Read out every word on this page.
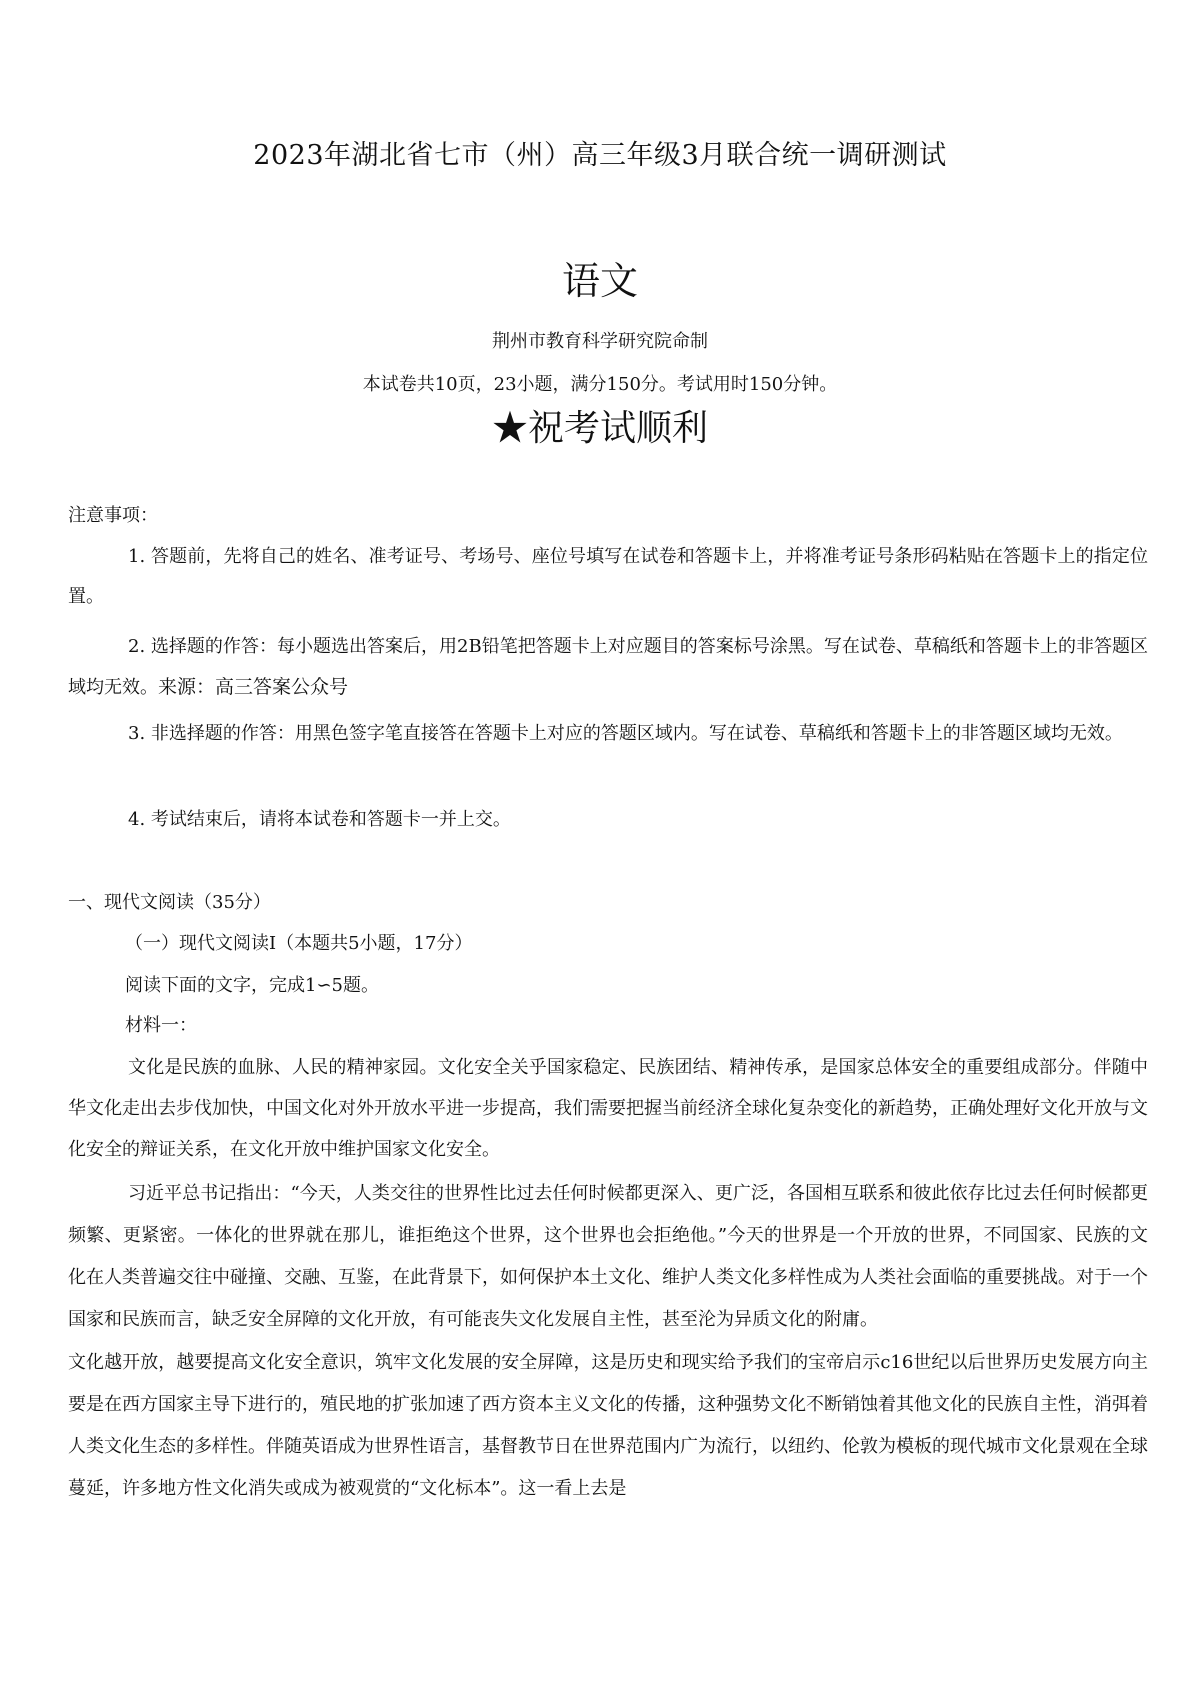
2023年湖北省七市（州）高三年级3月联合统一调研测试
语文
荆州市教育科学研究院命制
本试卷共10页，23小题，满分150分。考试用时150分钟。
★祝考试顺利
注意事项：
1. 答题前，先将自己的姓名、准考证号、考场号、座位号填写在试卷和答题卡上，并将准考证号条形码粘贴在答题卡上的指定位置。
2. 选择题的作答：每小题选出答案后，用2B铅笔把答题卡上对应题目的答案标号涂黑。写在试卷、草稿纸和答题卡上的非答题区域均无效。来源：高三答案公众号
3. 非选择题的作答：用黑色签字笔直接答在答题卡上对应的答题区域内。写在试卷、草稿纸和答题卡上的非答题区域均无效。
4. 考试结束后，请将本试卷和答题卡一并上交。
一、现代文阅读（35分）
（一）现代文阅读Ⅰ（本题共5小题，17分）
阅读下面的文字，完成1∽5题。
材料一：
文化是民族的血脉、人民的精神家园。文化安全关乎国家稳定、民族团结、精神传承，是国家总体安全的重要组成部分。伴随中华文化走出去步伐加快，中国文化对外开放水平进一步提高，我们需要把握当前经济全球化复杂变化的新趋势，正确处理好文化开放与文化安全的辩证关系，在文化开放中维护国家文化安全。
习近平总书记指出：“今天，人类交往的世界性比过去任何时候都更深入、更广泛，各国相互联系和彼此依存比过去任何时候都更频繁、更紧密。一体化的世界就在那儿，谁拒绝这个世界，这个世界也会拒绝他。”今天的世界是一个开放的世界，不同国家、民族的文化在人类普遍交往中碰撞、交融、互鉴，在此背景下，如何保护本土文化、维护人类文化多样性成为人类社会面临的重要挑战。对于一个国家和民族而言，缺乏安全屏障的文化开放，有可能丧失文化发展自主性，甚至沦为异质文化的附庸。
文化越开放，越要提高文化安全意识，筑牢文化发展的安全屏障，这是历史和现实给予我们的宝帝启示c16世纪以后世界历史发展方向主要是在西方国家主导下进行的，殖民地的扩张加速了西方资本主义文化的传播，这种强势文化不断销蚀着其他文化的民族自主性，消弭着人类文化生态的多样性。伴随英语成为世界性语言，基督教节日在世界范围内广为流行，以纽约、伦敦为模板的现代城市文化景观在全球蔓延，许多地方性文化消失或成为被观赏的“文化标本”。这一看上去是
